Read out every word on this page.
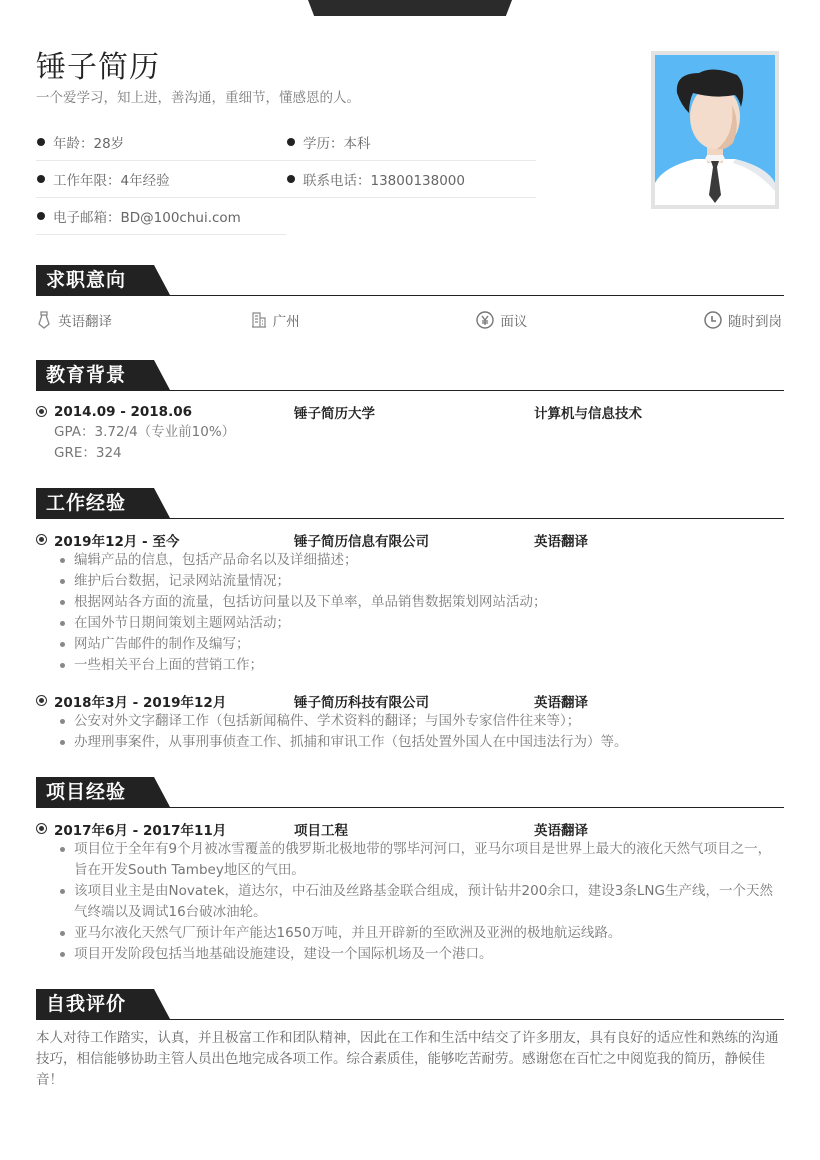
锤子简历
一个爱学习，知上进，善沟通，重细节，懂感恩的人。
年龄：28岁	学历：本科
工作年限：4年经验	联系电话：13800138000
电子邮箱：BD@100chui.com
求职意向
英语翻译	广州	面议	随时到岗
教育背景
2014.09 - 2018.06	锤子简历大学	计算机与信息技术
GPA：3.72/4（专业前10%）
GRE：324
工作经验
2019年12月 - 至今	锤子简历信息有限公司	英语翻译
编辑产品的信息，包括产品命名以及详细描述；
维护后台数据，记录网站流量情况；
根据网站各方面的流量，包括访问量以及下单率，单品销售数据策划网站活动；
在国外节日期间策划主题网站活动；
网站广告邮件的制作及编写；
一些相关平台上面的营销工作；
2018年3月 - 2019年12月	锤子简历科技有限公司	英语翻译
公安对外文字翻译工作（包括新闻稿件、学术资料的翻译；与国外专家信件往来等）；
办理刑事案件，从事刑事侦查工作、抓捕和审讯工作（包括处置外国人在中国违法行为）等。
项目经验
2017年6月 - 2017年11月	项目工程	英语翻译
项目位于全年有9个月被冰雪覆盖的俄罗斯北极地带的鄂毕河河口，亚马尔项目是世界上最大的液化天然气项目之一，旨在开发South Tambey地区的气田。
该项目业主是由Novatek，道达尔，中石油及丝路基金联合组成，预计钻井200余口，建设3条LNG生产线，一个天然气终端以及调试16台破冰油轮。
亚马尔液化天然气厂预计年产能达1650万吨，并且开辟新的至欧洲及亚洲的极地航运线路。
项目开发阶段包括当地基础设施建设，建设一个国际机场及一个港口。
自我评价

本人对待工作踏实，认真，并且极富工作和团队精神，因此在工作和生活中结交了许多朋友，具有良好的适应性和熟练的沟通技巧，相信能够协助主管人员出色地完成各项工作。综合素质佳，能够吃苦耐劳。感谢您在百忙之中阅览我的简历，静候佳音！
